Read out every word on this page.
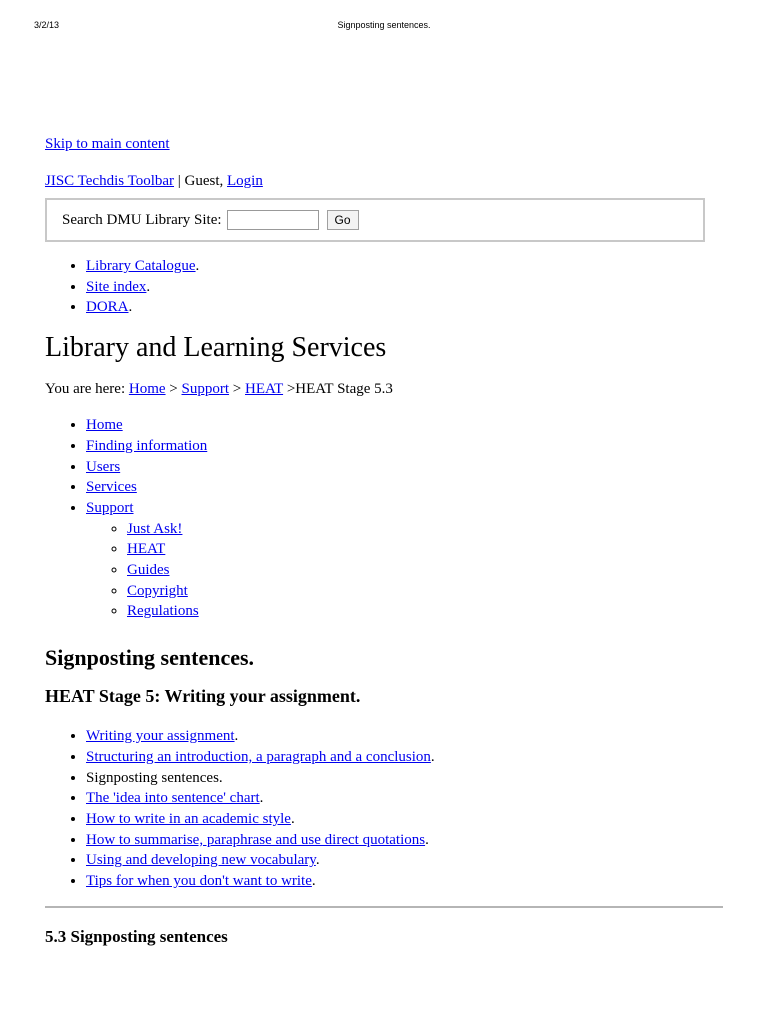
3/2/13	Signposting sentences.
Skip to main content
JISC Techdis Toolbar | Guest, Login
Search DMU Library Site:	Go
• Library Catalogue.
• Site index.
• DORA.
Library and Learning Services
You are here: Home > Support > HEAT >HEAT Stage 5.3
• Home
• Finding information
• Users
• Services
• Support
◦ Just Ask!
◦ HEAT
◦ Guides
◦ Copyright
◦ Regulations
Signposting sentences.
HEAT Stage 5: Writing your assignment.
• Writing your assignment.
• Structuring an introduction, a paragraph and a conclusion.
• Signposting sentences.
• The 'idea into sentence' chart.
• How to write in an academic style.
• How to summarise, paraphrase and use direct quotations.
• Using and developing new vocabulary.
• Tips for when you don't want to write.
5.3 Signposting sentences
